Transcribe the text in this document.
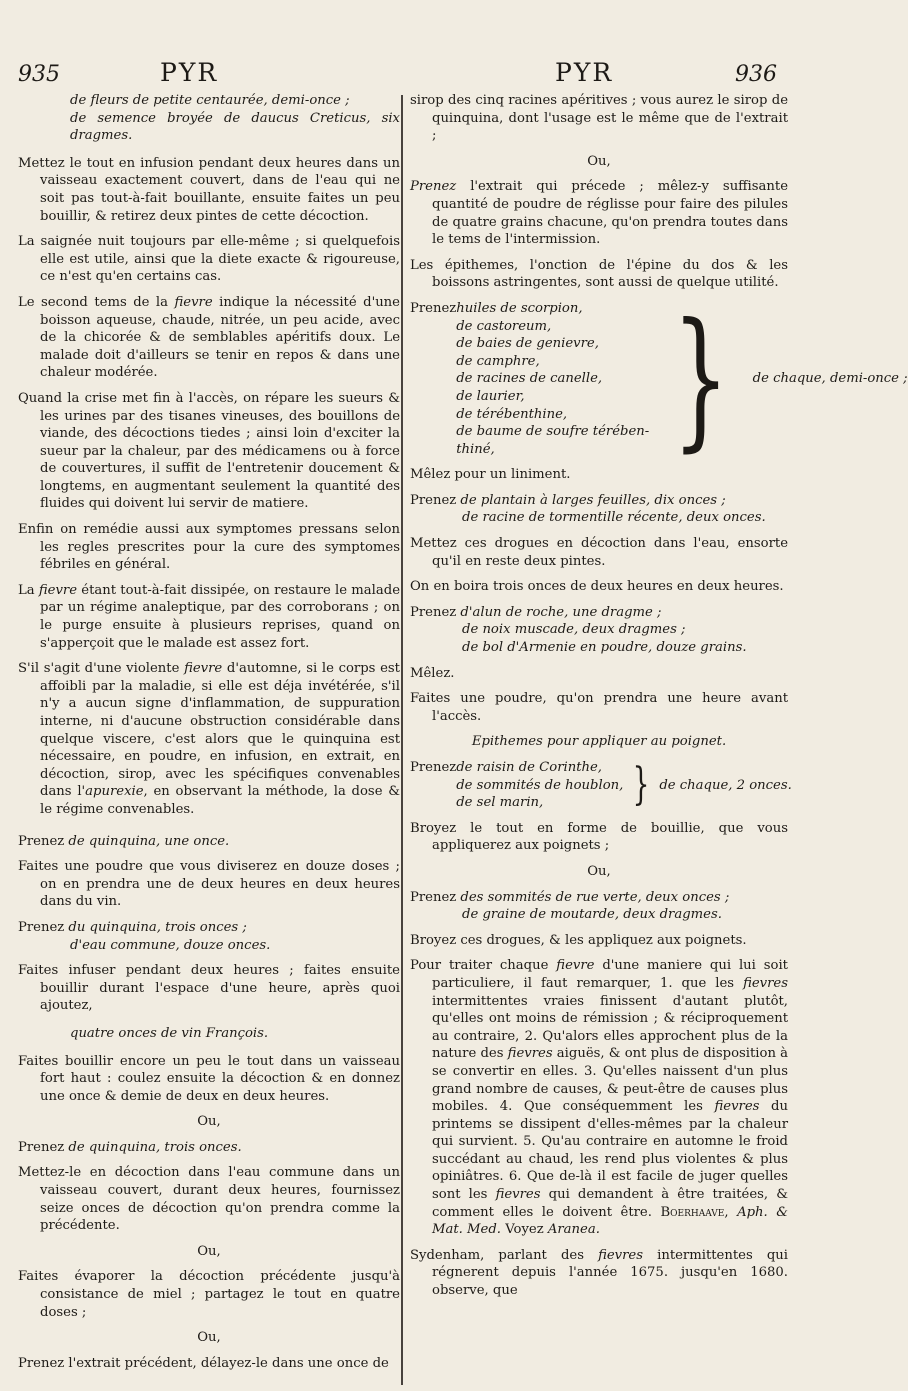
935	PYR	PYR	936

de fleurs de petite centaurée, demi-once ;

de semence broyée de daucus Creticus, six dragmes.

Mettez le tout en infusion pendant deux heures dans un vaisseau exactement couvert, dans de l'eau qui ne soit pas tout-à-fait bouillante, ensuite faites un peu bouillir, & retirez deux pintes de cette décoction.

La saignée nuit toujours par elle-même ; si quelquefois elle est utile, ainsi que la diete exacte & rigoureuse, ce n'est qu'en certains cas.

Le second tems de la fievre indique la nécessité d'une boisson aqueuse, chaude, nitrée, un peu acide, avec de la chicorée & de semblables apéritifs doux. Le malade doit d'ailleurs se tenir en repos & dans une chaleur modérée.

Quand la crise met fin à l'accès, on répare les sueurs & les urines par des tisanes vineuses, des bouillons de viande, des décoctions tiedes ; ainsi loin d'exciter la sueur par la chaleur, par des médicamens ou à force de couvertures, il suffit de l'entretenir doucement & longtems, en augmentant seulement la quantité des fluides qui doivent lui servir de matiere.

Enfin on remédie aussi aux symptomes pressans selon les regles prescrites pour la cure des symptomes fébriles en général.

La fievre étant tout-à-fait dissipée, on restaure le malade par un régime analeptique, par des corroborans ; on le purge ensuite à plusieurs reprises, quand on s'apperçoit que le malade est assez fort.

S'il s'agit d'une violente fievre d'automne, si le corps est affoibli par la maladie, si elle est déja invétérée, s'il n'y a aucun signe d'inflammation, de suppuration interne, ni d'aucune obstruction considérable dans quelque viscere, c'est alors que le quinquina est nécessaire, en poudre, en infusion, en extrait, en décoction, sirop, avec les spécifiques convenables dans l'apurexie, en observant la méthode, la dose & le régime convenables.

Prenez de quinquina, une once.

Faites une poudre que vous diviserez en douze doses ; on en prendra une de deux heures en deux heures dans du vin.

Prenez du quinquina, trois onces ;

d'eau commune, douze onces.

Faites infuser pendant deux heures ; faites ensuite bouillir durant l'espace d'une heure, après quoi ajoutez,

quatre onces de vin François.

Faites bouillir encore un peu le tout dans un vaisseau fort haut : coulez ensuite la décoction & en donnez une once & demie de deux en deux heures.

Ou,

Prenez de quinquina, trois onces.

Mettez-le en décoction dans l'eau commune dans un vaisseau couvert, durant deux heures, fournissez seize onces de décoction qu'on prendra comme la précédente.

Ou,

Faites évaporer la décoction précédente jusqu'à consistance de miel ; partagez le tout en quatre doses ;

Ou,

Prenez l'extrait précédent, délayez-le dans une once de

sirop des cinq racines apéritives ; vous aurez le sirop de quinquina, dont l'usage est le même que de l'extrait ;

Ou,

Prenez l'extrait qui précede ; mêlez-y suffisante quantité de poudre de réglisse pour faire des pilules de quatre grains chacune, qu'on prendra toutes dans le tems de l'intermission.

Les épithemes, l'onction de l'épine du dos & les boissons astringentes, sont aussi de quelque utilité.

Prenez huiles de scorpion,
de castoreum,
de baies de genievre,
de camphre,
de racines de canelle,
de laurier,
de térébenthine,
de baume de soufre térében-
thiné,	} de chaque, demi-once ;

Mêlez pour un liniment.

Prenez de plantain à larges feuilles, dix onces ;

de racine de tormentille récente, deux onces.

Mettez ces drogues en décoction dans l'eau, ensorte qu'il en reste deux pintes.

On en boira trois onces de deux heures en deux heures.

Prenez d'alun de roche, une dragme ;

de noix muscade, deux dragmes ;

de bol d'Armenie en poudre, douze grains.

Mêlez.

Faites une poudre, qu'on prendra une heure avant l'accès.

Epithemes pour appliquer au poignet.

Prenez de raisin de Corinthe,
de sommités de houblon,
de sel marin,	} de chaque, 2 onces.

Broyez le tout en forme de bouillie, que vous appliquerez aux poignets ;

Ou,

Prenez des sommités de rue verte, deux onces ;

de graine de moutarde, deux dragmes.

Broyez ces drogues, & les appliquez aux poignets.

Pour traiter chaque fievre d'une maniere qui lui soit particuliere, il faut remarquer, 1. que les fievres intermittentes vraies finissent d'autant plutôt, qu'elles ont moins de rémission ; & réciproquement au contraire, 2. Qu'alors elles approchent plus de la nature des fievres aiguës, & ont plus de disposition à se convertir en elles. 3. Qu'elles naissent d'un plus grand nombre de causes, & peut-être de causes plus mobiles. 4. Que conséquemment les fievres du printems se dissipent d'elles-mêmes par la chaleur qui survient. 5. Qu'au contraire en automne le froid succédant au chaud, les rend plus violentes & plus opiniâtres. 6. Que de-là il est facile de juger quelles sont les fievres qui demandent à être traitées, & comment elles le doivent être. Boerhaave, Aph. & Mat. Med. Voyez Aranea.

Sydenham, parlant des fievres intermittentes qui régnerent depuis l'année 1675. jusqu'en 1680. observe, que
